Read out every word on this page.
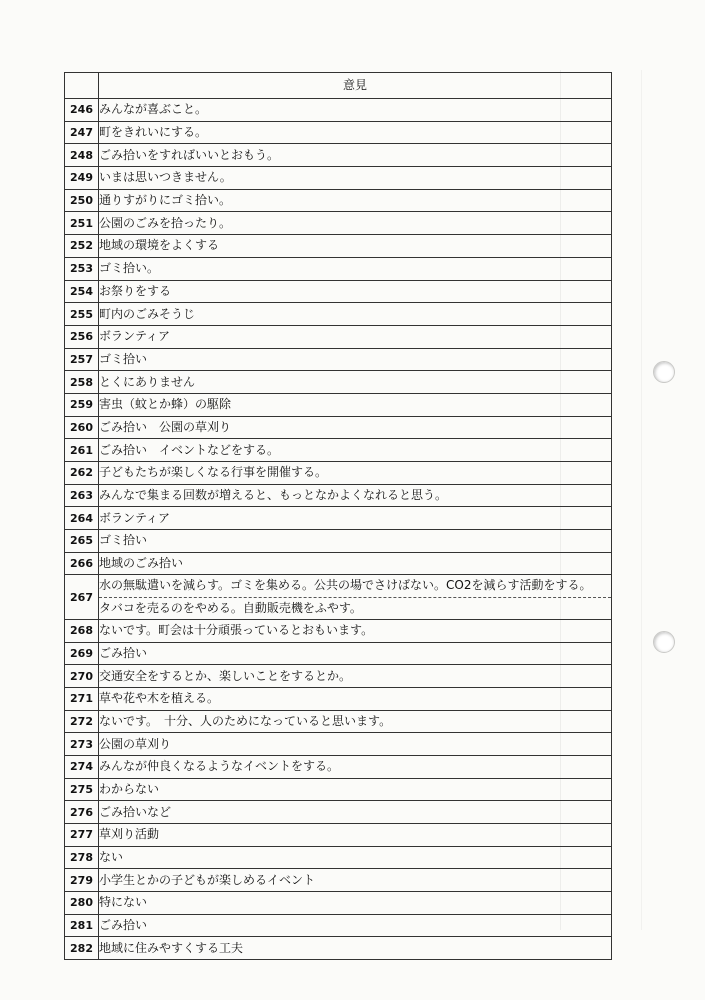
	意見
246	みんなが喜ぶこと。
247	町をきれいにする。
248	ごみ拾いをすればいいとおもう。
249	いまは思いつきません。
250	通りすがりにゴミ拾い。
251	公園のごみを拾ったり。
252	地域の環境をよくする
253	ゴミ拾い。
254	お祭りをする
255	町内のごみそうじ
256	ボランティア
257	ゴミ拾い
258	とくにありません
259	害虫（蚊とか蜂）の駆除
260	ごみ拾い　公園の草刈り
261	ごみ拾い　イベントなどをする。
262	子どもたちが楽しくなる行事を開催する。
263	みんなで集まる回数が増えると、もっとなかよくなれると思う。
264	ボランティア
265	ゴミ拾い
266	地域のごみ拾い
267	水の無駄遣いを減らす。ゴミを集める。公共の場でさけばない。CO2を減らす活動をする。
タバコを売るのをやめる。自動販売機をふやす。

268	ないです。町会は十分頑張っているとおもいます。
269	ごみ拾い
270	交通安全をするとか、楽しいことをするとか。
271	草や花や木を植える。
272	ないです。　十分、人のためになっていると思います。
273	公園の草刈り
274	みんなが仲良くなるようなイベントをする。
275	わからない
276	ごみ拾いなど
277	草刈り活動
278	ない
279	小学生とかの子どもが楽しめるイベント
280	特にない
281	ごみ拾い
282	地域に住みやすくする工夫
